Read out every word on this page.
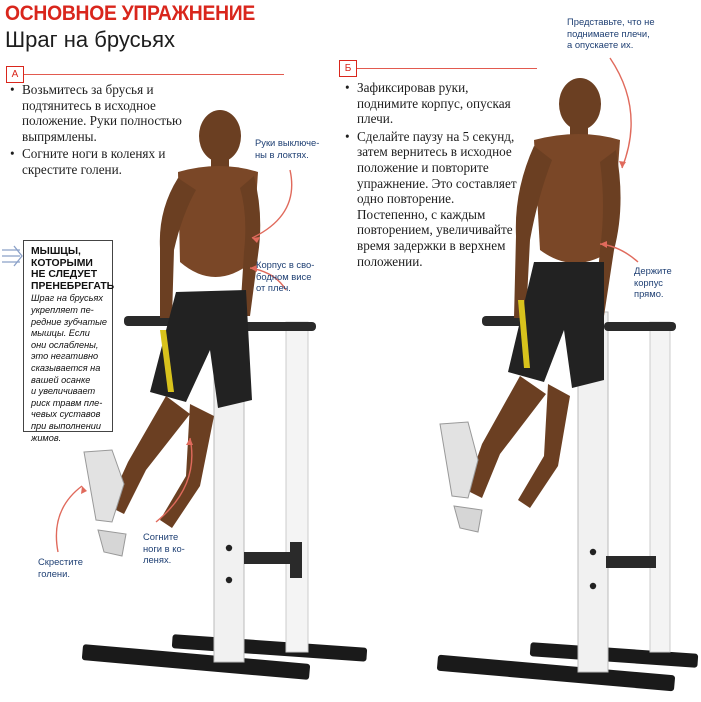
ОСНОВНОЕ УПРАЖНЕНИЕ
Шраг на брусьях
А
• Возьмитесь за брусья и подтянитесь в исходное положение. Руки полностью выпрямлены.
• Согните ноги в коленях и скрестите голени.
Б
• Зафиксировав руки, поднимите корпус, опуская плечи.
• Сделайте паузу на 5 секунд, затем вернитесь в исходное положение и повторите упражнение. Это составляет одно повторение. Постепенно, с каждым повторением, увеличивайте время задержки в верхнем положении.
Руки выключе-
ны в локтях.
Корпус в сво-
бодном висе
от плеч.
Скрестите
голени.
Согните
ноги в ко-
ленях.
Представьте, что не
поднимаете плечи,
а опускаете их.
Держите
корпус
прямо.
МЫШЦЫ,
КОТОРЫМИ
НЕ СЛЕДУЕТ
ПРЕНЕБРЕГАТЬ
Шраг на брусьях
укрепляет пе-
редние зубчатые
мышцы. Если
они ослаблены,
это негативно
сказывается на
вашей осанке
и увеличивает
риск травм пле-
чевых суставов
при выполнении
жимов.
